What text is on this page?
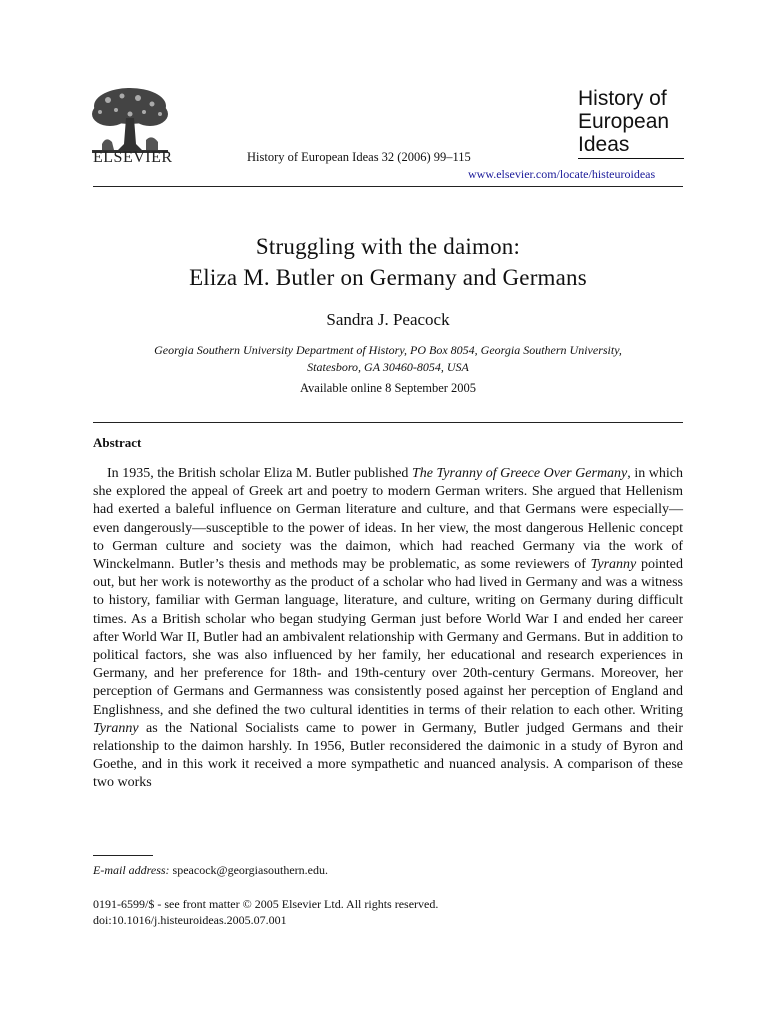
ELSEVIER	History of European Ideas 32 (2006) 99–115
History of
European
Ideas
www.elsevier.com/locate/histeuroideas
Struggling with the daimon:
Eliza M. Butler on Germany and Germans
Sandra J. Peacock
Georgia Southern University Department of History, PO Box 8054, Georgia Southern University,
Statesboro, GA 30460-8054, USA
Available online 8 September 2005
Abstract

In 1935, the British scholar Eliza M. Butler published The Tyranny of Greece Over Germany, in which she explored the appeal of Greek art and poetry to modern German writers. She argued that Hellenism had exerted a baleful influence on German literature and culture, and that Germans were especially—even dangerously—susceptible to the power of ideas. In her view, the most dangerous Hellenic concept to German culture and society was the daimon, which had reached Germany via the work of Winckelmann. Butler’s thesis and methods may be problematic, as some reviewers of Tyranny pointed out, but her work is noteworthy as the product of a scholar who had lived in Germany and was a witness to history, familiar with German language, literature, and culture, writing on Germany during difficult times. As a British scholar who began studying German just before World War I and ended her career after World War II, Butler had an ambivalent relationship with Germany and Germans. But in addition to political factors, she was also influenced by her family, her educational and research experiences in Germany, and her preference for 18th- and 19th-century over 20th-century Germans. Moreover, her perception of Germans and Germanness was consistently posed against her perception of England and Englishness, and she defined the two cultural identities in terms of their relation to each other. Writing Tyranny as the National Socialists came to power in Germany, Butler judged Germans and their relationship to the daimon harshly. In 1956, Butler reconsidered the daimonic in a study of Byron and Goethe, and in this work it received a more sympathetic and nuanced analysis. A comparison of these two works

E-mail address: speacock@georgiasouthern.edu.
0191-6599/$ - see front matter © 2005 Elsevier Ltd. All rights reserved.
doi:10.1016/j.histeuroideas.2005.07.001
